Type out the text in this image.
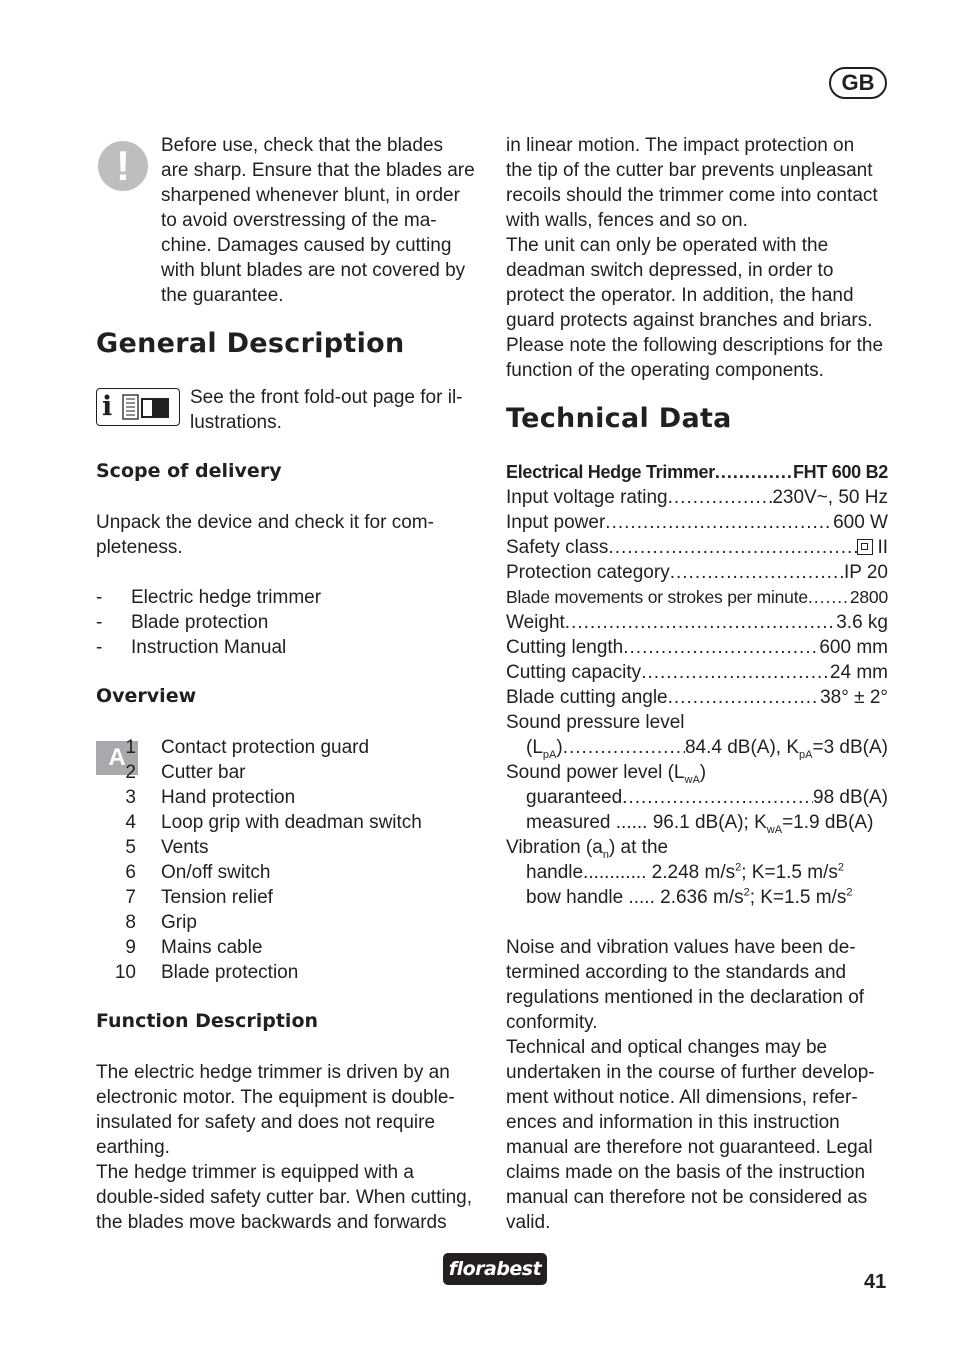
GB
!	Before use, check that the blades

are sharp. Ensure that the blades are

sharpened whenever blunt, in order

to avoid overstressing of the ma-

chine. Damages caused by cutting

with blunt blades are not covered by

the guarantee.

General Description
i	See the front fold-out page for il-

lustrations.

Scope of delivery

Unpack the device and check it for com-

pleteness.

-	Electric hedge trimmer
-	Blade protection
-	Instruction Manual
Overview
A 1	Contact protection guard
2	Cutter bar
3	Hand protection
4	Loop grip with deadman switch
5	Vents
6	On/off switch
7	Tension relief
8	Grip
9	Mains cable
10	Blade protection
Function Description

The electric hedge trimmer is driven by an

electronic motor. The equipment is double-

insulated for safety and does not require

earthing.

The hedge trimmer is equipped with a

double-sided safety cutter bar. When cutting,

the blades move backwards and forwards

in linear motion. The impact protection on

the tip of the cutter bar prevents unpleasant

recoils should the trimmer come into contact

with walls, fences and so on.

The unit can only be operated with the

deadman switch depressed, in order to

protect the operator. In addition, the hand

guard protects against branches and briars.

Please note the following descriptions for the

function of the operating components.

Technical Data
Electrical Hedge Trimmer .....	FHT 600 B2
Input voltage rating .....	230V~, 50 Hz
Input power .....	600 W
Safety class .....	II
Protection category .....	IP 20
Blade movements or strokes per minute ..... 2800
Weight .....	3.6 kg
Cutting length .....	600 mm
Cutting capacity .....	24 mm
Blade cutting angle .....	38° ± 2°
Sound pressure level
$(L_{pA})$ .....	84.4 dB(A), $K_{pA}=3$ dB(A)
Sound power level $(L_{wA})$
guaranteed .....	98 dB(A)
measured ...... 96.1 dB(A); $K_{wA}=1.9$ dB(A)
Vibration $(a_n)$ at the
handle............ 2.248 $m/s^2$; K=1.5 $m/s^2$
bow handle ..... 2.636 $m/s^2$; K=1.5 $m/s^2$

Noise and vibration values have been de-

termined according to the standards and

regulations mentioned in the declaration of

conformity.

Technical and optical changes may be

undertaken in the course of further develop-

ment without notice. All dimensions, refer-

ences and information in this instruction

manual are therefore not guaranteed. Legal

claims made on the basis of the instruction

manual can therefore not be considered as

valid.

florabest
41
